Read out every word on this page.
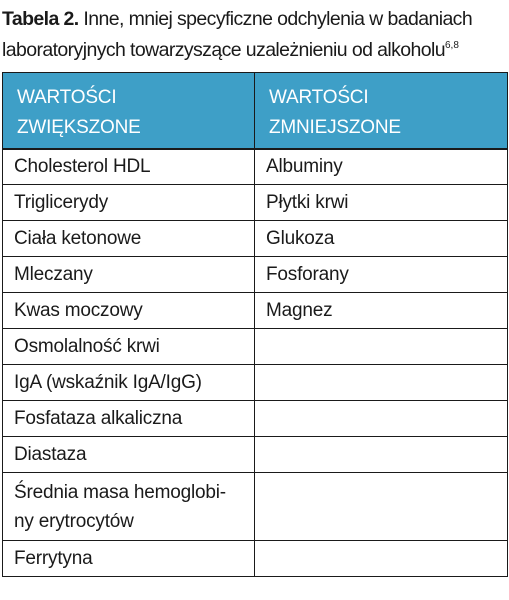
Tabela 2. Inne, mniej specyficzne odchylenia w badaniach laboratoryjnych towarzyszące uzależnieniu od alkoholu$^{6,8}$
WARTOŚCI ZWIĘKSZONE	WARTOŚCI ZMNIEJSZONE
Cholesterol HDL	Albuminy
Triglicerydy	Płytki krwi
Ciała ketonowe	Glukoza
Mleczany	Fosforany
Kwas moczowy	Magnez
Osmolalność krwi	
IgA (wskaźnik IgA/IgG)	
Fosfataza alkaliczna	
Diastaza	
Średnia masa hemoglobi-ny erytrocytów	
Ferrytyna	
